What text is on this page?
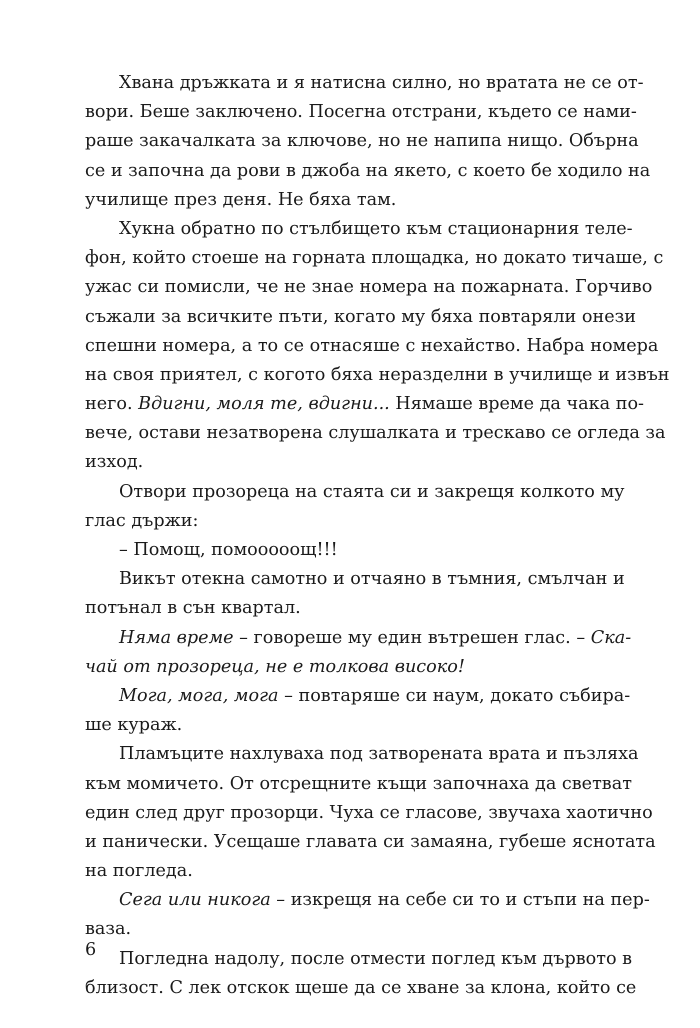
Хвана дръжката и я натисна силно, но вратата не се от-
вори. Беше заключено. Посегна отстрани, където се нами-
раше закачалката за ключове, но не напипа нищо. Обърна
се и започна да рови в джоба на якето, с което бе ходило на
училище през деня. Не бяха там.
Хукна обратно по стълбището към стационарния теле-
фон, който стоеше на горната площадка, но докато тичаше, с
ужас си помисли, че не знае номера на пожарната. Горчиво
съжали за всичките пъти, когато му бяха повтаряли онези
спешни номера, а то се отнасяше с нехайство. Набра номера
на своя приятел, с когото бяха неразделни в училище и извън
него. Вдигни, моля те, вдигни... Нямаше време да чака по-
вече, остави незатворена слушалката и трескаво се огледа за
изход.
Отвори прозореца на стаята си и закрещя колкото му
глас държи:
– Помощ, помооооощ!!!
Викът отекна самотно и отчаяно в тъмния, смълчан и
потънал в сън квартал.
Няма време – говореше му един вътрешен глас. – Ска-
чай от прозореца, не е толкова високо!
Мога, мога, мога – повтаряше си наум, докато събира-
ше кураж.
Пламъците нахлуваха под затворената врата и пъзляха
към момичето. От отсрещните къщи започнаха да светват
един след друг прозорци. Чуха се гласове, звучаха хаотично
и панически. Усещаше главата си замаяна, губеше яснотата
на погледа.
Сега или никога – изкрещя на себе си то и стъпи на пер-
ваза.
Погледна надолу, после отмести поглед към дървото в
близост. С лек отскок щеше да се хване за клона, който се
6
